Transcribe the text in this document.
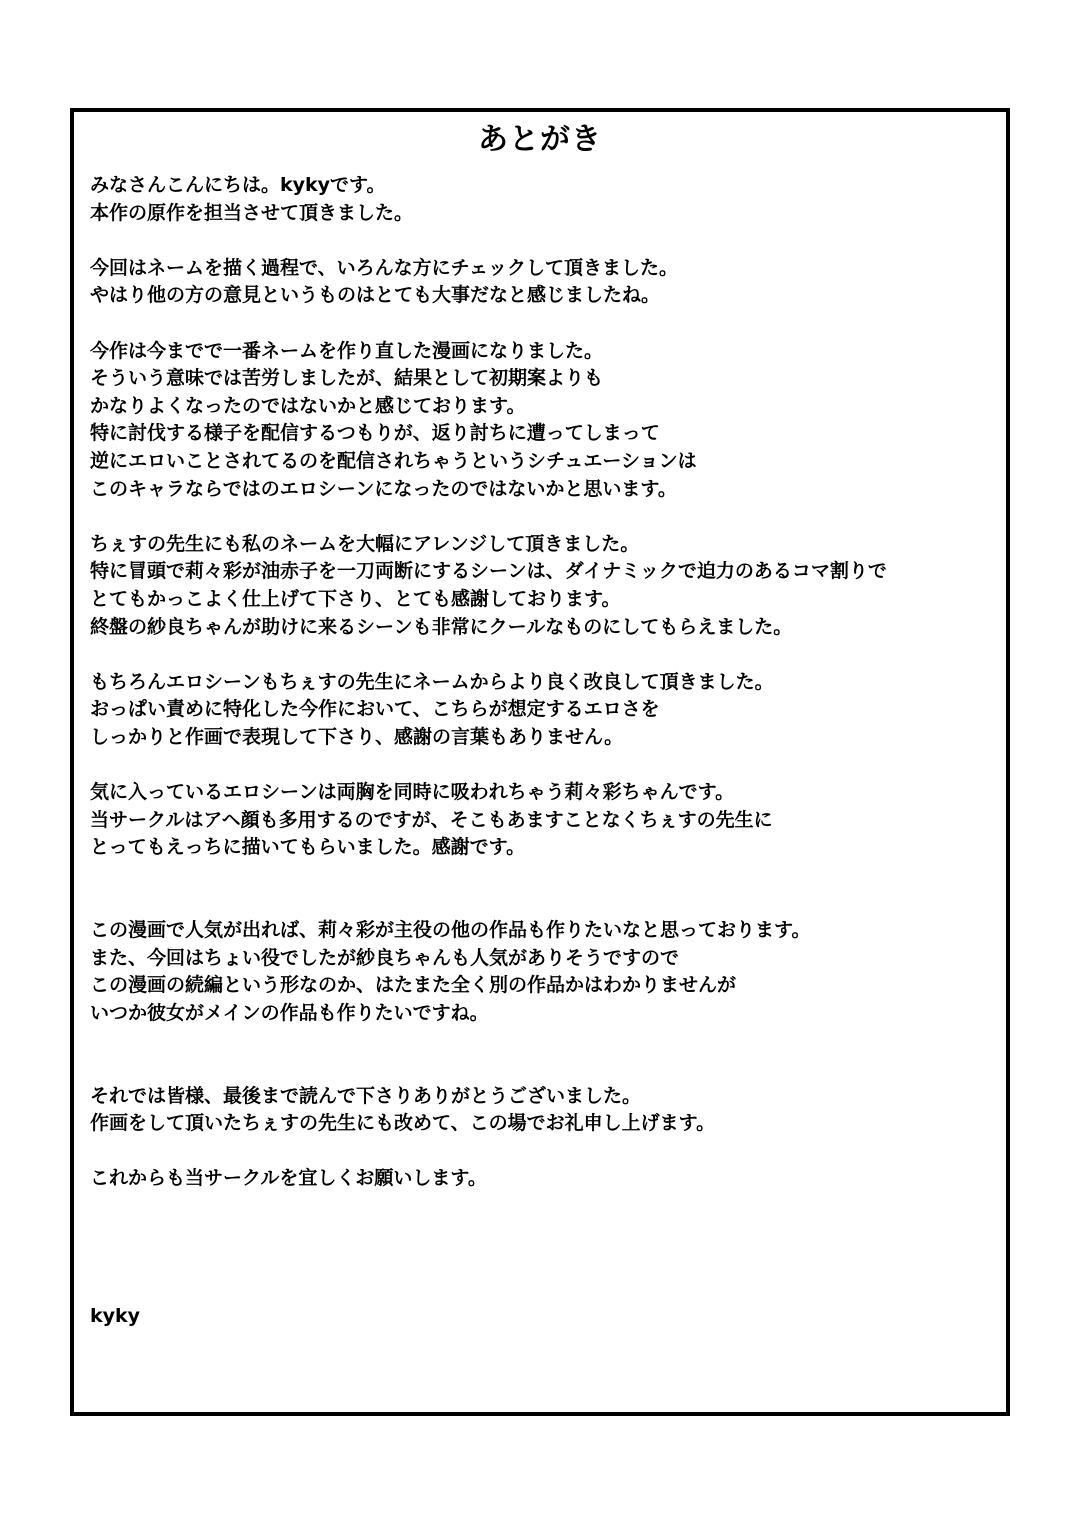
あとがき
みなさんこんにちは。kykyです。
本作の原作を担当させて頂きました。
今回はネームを描く過程で、いろんな方にチェックして頂きました。
やはり他の方の意見というものはとても大事だなと感じましたね。
今作は今までで一番ネームを作り直した漫画になりました。
そういう意味では苦労しましたが、結果として初期案よりも
かなりよくなったのではないかと感じております。
特に討伐する様子を配信するつもりが、返り討ちに遭ってしまって
逆にエロいことされてるのを配信されちゃうというシチュエーションは
このキャラならではのエロシーンになったのではないかと思います。
ちぇすの先生にも私のネームを大幅にアレンジして頂きました。
特に冒頭で莉々彩が油赤子を一刀両断にするシーンは、ダイナミックで迫力のあるコマ割りで
とてもかっこよく仕上げて下さり、とても感謝しております。
終盤の紗良ちゃんが助けに来るシーンも非常にクールなものにしてもらえました。
もちろんエロシーンもちぇすの先生にネームからより良く改良して頂きました。
おっぱい責めに特化した今作において、こちらが想定するエロさを
しっかりと作画で表現して下さり、感謝の言葉もありません。
気に入っているエロシーンは両胸を同時に吸われちゃう莉々彩ちゃんです。
当サークルはアヘ顔も多用するのですが、そこもあますことなくちぇすの先生に
とってもえっちに描いてもらいました。感謝です。
この漫画で人気が出れば、莉々彩が主役の他の作品も作りたいなと思っております。
また、今回はちょい役でしたが紗良ちゃんも人気がありそうですので
この漫画の続編という形なのか、はたまた全く別の作品かはわかりませんが
いつか彼女がメインの作品も作りたいですね。
それでは皆様、最後まで読んで下さりありがとうございました。
作画をして頂いたちぇすの先生にも改めて、この場でお礼申し上げます。
これからも当サークルを宜しくお願いします。
kyky
